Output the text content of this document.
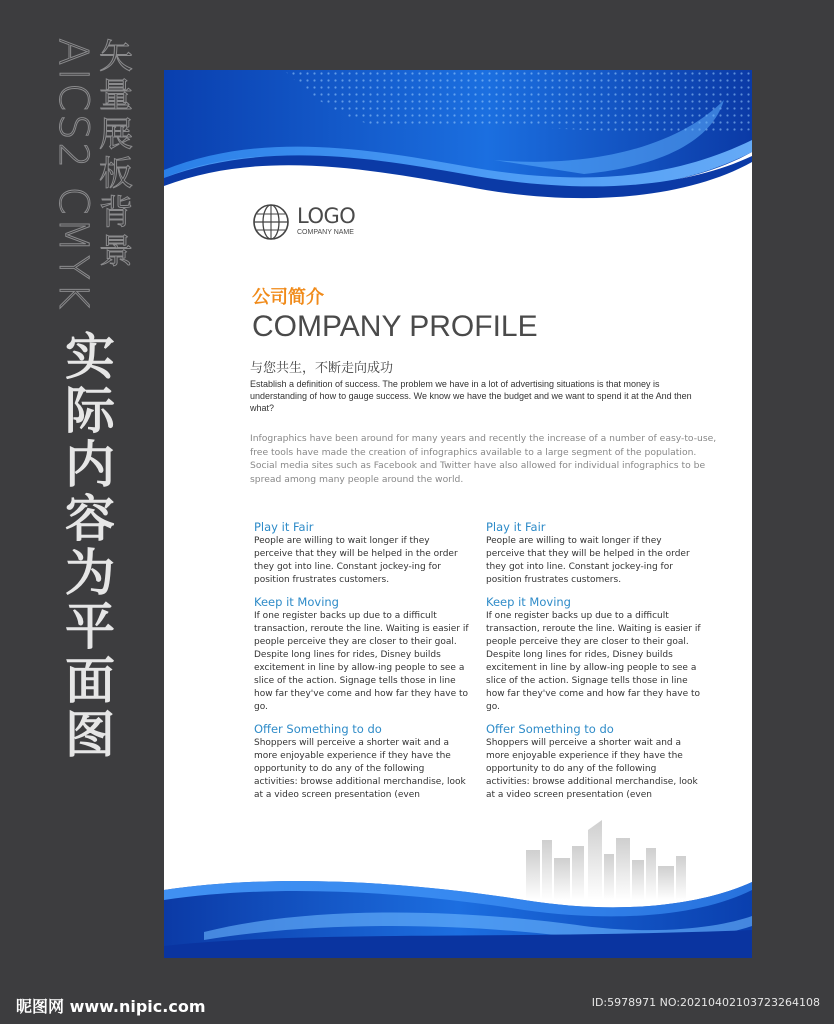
AICS2 CMYK 矢
量
展
板
背
景
实
际
内
容
为
平
面
图
LOGO
COMPANY NAME
公司简介
COMPANY PROFILE
与您共生，不断走向成功
Establish a definition of success. The problem we have in a lot of advertising situations is that money is understanding of how to gauge success. We know we have the budget and we want to spend it at the And then what?
Infographics have been around for many years and recently the increase of a number of easy-to-use, free tools have made the creation of infographics available to a large segment of the population. Social media sites such as Facebook and Twitter have also allowed for individual infographics to be spread among many people around the world.

Play it Fair

People are willing to wait longer if they perceive that they will be helped in the order they got into line. Constant jockey-ing for position frustrates customers.

Keep it Moving

If one register backs up due to a difficult transaction, reroute the line. Waiting is easier if people perceive they are closer to their goal. Despite long lines for rides, Disney builds excitement in line by allow-ing people to see a slice of the action. Signage tells those in line how far they've come and how far they have to go.

Offer Something to do

Shoppers will perceive a shorter wait and a more enjoyable experience if they have the opportunity to do any of the following activities: browse additional merchandise, look at a video screen presentation (even

Play it Fair

People are willing to wait longer if they perceive that they will be helped in the order they got into line. Constant jockey-ing for position frustrates customers.

Keep it Moving

If one register backs up due to a difficult transaction, reroute the line. Waiting is easier if people perceive they are closer to their goal. Despite long lines for rides, Disney builds excitement in line by allow-ing people to see a slice of the action. Signage tells those in line how far they've come and how far they have to go.

Offer Something to do

Shoppers will perceive a shorter wait and a more enjoyable experience if they have the opportunity to do any of the following activities: browse additional merchandise, look at a video screen presentation (even

昵图网 www.nipic.com	ID:5978971 NO:20210402103723264108
